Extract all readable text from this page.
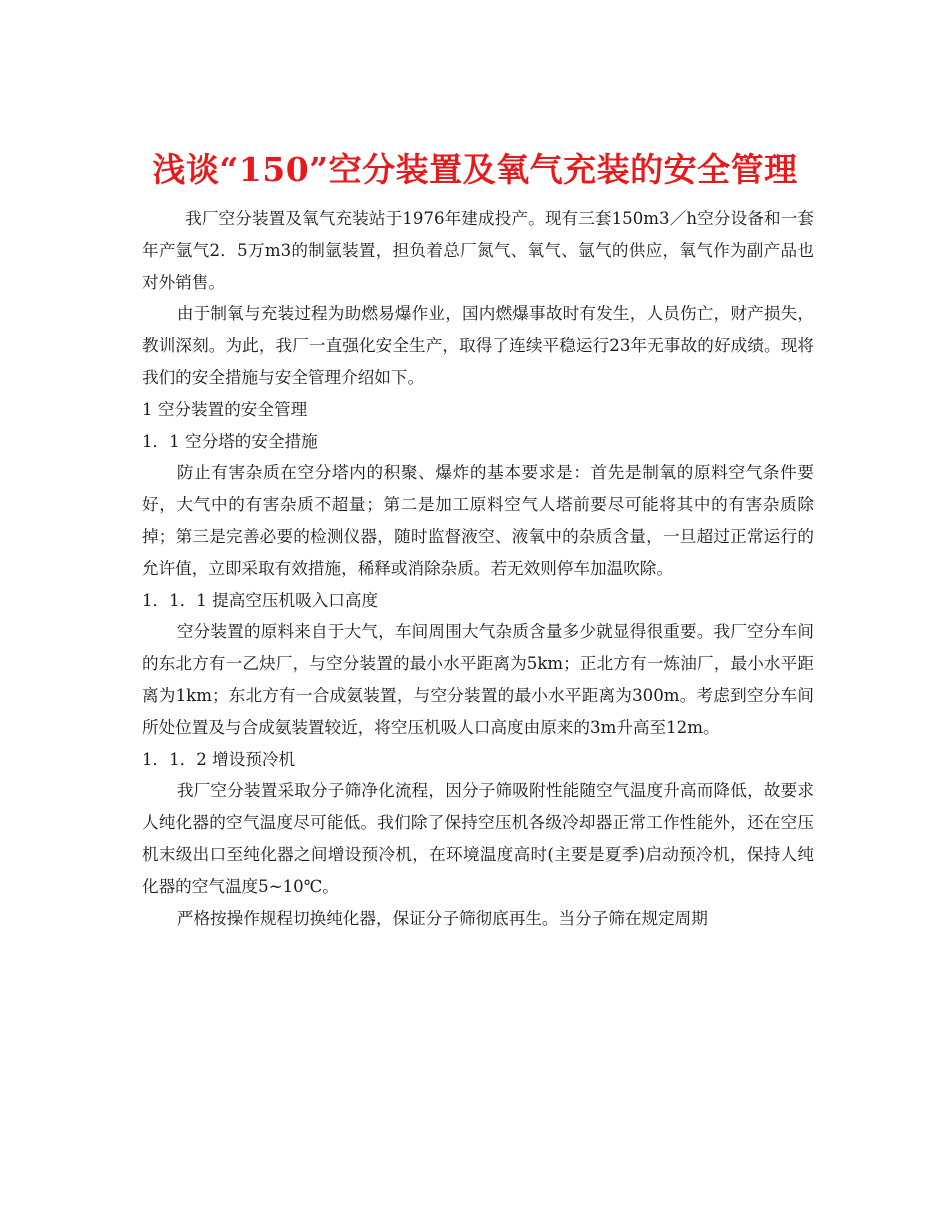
浅谈“150”空分装置及氧气充装的安全管理

我厂空分装置及氧气充装站于1976年建成投产。现有三套150m3／h空分设备和一套年产氩气2．5万m3的制氩装置，担负着总厂氮气、氧气、氩气的供应，氧气作为副产品也对外销售。

由于制氧与充装过程为助燃易爆作业，国内燃爆事故时有发生，人员伤亡，财产损失，教训深刻。为此，我厂一直强化安全生产，取得了连续平稳运行23年无事故的好成绩。现将我们的安全措施与安全管理介绍如下。

1 空分装置的安全管理

1．1 空分塔的安全措施

防止有害杂质在空分塔内的积聚、爆炸的基本要求是：首先是制氧的原料空气条件要好，大气中的有害杂质不超量；第二是加工原料空气人塔前要尽可能将其中的有害杂质除掉；第三是完善必要的检测仪器，随时监督液空、液氧中的杂质含量，一旦超过正常运行的允许值，立即采取有效措施，稀释或消除杂质。若无效则停车加温吹除。

1．1．1 提高空压机吸入口高度

空分装置的原料来自于大气，车间周围大气杂质含量多少就显得很重要。我厂空分车间的东北方有一乙炔厂，与空分装置的最小水平距离为5km；正北方有一炼油厂，最小水平距离为1km；东北方有一合成氨装置，与空分装置的最小水平距离为300m。考虑到空分车间所处位置及与合成氨装置较近，将空压机吸人口高度由原来的3m升高至12m。

1．1．2 增设预冷机

我厂空分装置采取分子筛净化流程，因分子筛吸附性能随空气温度升高而降低，故要求人纯化器的空气温度尽可能低。我们除了保持空压机各级冷却器正常工作性能外，还在空压机末级出口至纯化器之间增设预冷机，在环境温度高时(主要是夏季)启动预冷机，保持人纯化器的空气温度5~10℃。

严格按操作规程切换纯化器，保证分子筛彻底再生。当分子筛在规定周期
